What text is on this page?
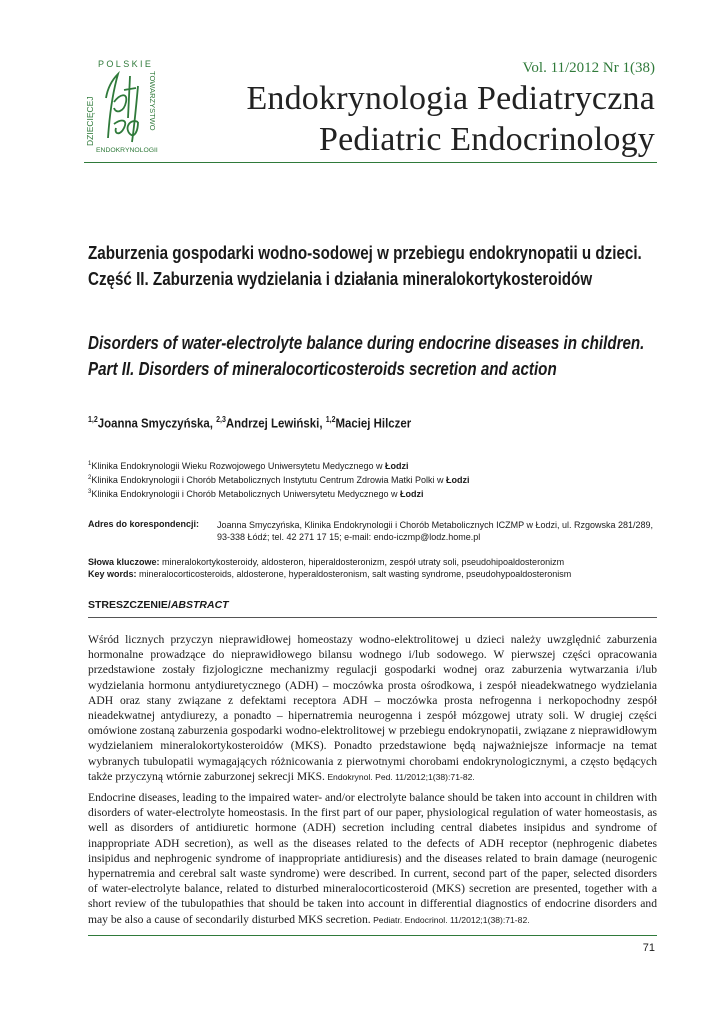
POLSKIE
DZIECIĘCEJ	TOWARZYSTWO
ENDOKRYNOLOGII
Vol. 11/2012 Nr 1(38)
Endokrynologia Pediatryczna
Pediatric Endocrinology
Zaburzenia gospodarki wodno-sodowej w przebiegu endokrynopatii u dzieci.
Część II. Zaburzenia wydzielania i działania mineralokortykosteroidów
Disorders of water-electrolyte balance during endocrine diseases in children.
Part II. Disorders of mineralocorticosteroids secretion and action
$^{1,2}$Joanna Smyczyńska, $^{2,3}$Andrzej Lewiński, $^{1,2}$Maciej Hilczer
$^1$Klinika Endokrynologii Wieku Rozwojowego Uniwersytetu Medycznego w Łodzi
$^2$Klinika Endokrynologii i Chorób Metabolicznych Instytutu Centrum Zdrowia Matki Polki w Łodzi
$^3$Klinika Endokrynologii i Chorób Metabolicznych Uniwersytetu Medycznego w Łodzi
Adres do korespondencji: Joanna Smyczyńska, Klinika Endokrynologii i Chorób Metabolicznych ICZMP w Łodzi, ul. Rzgowska 281/289,
93-338 Łódź; tel. 42 271 17 15; e-mail: endo-iczmp@lodz.home.pl
Słowa kluczowe: mineralokortykosteroidy, aldosteron, hiperaldosteronizm, zespół utraty soli, pseudohipoaldosteronizm
Key words: mineralocorticosteroids, aldosterone, hyperaldosteronism, salt wasting syndrome, pseudohypoaldosteronism
STRESZCZENIE/ABSTRACT
Wśród licznych przyczyn nieprawidłowej homeostazy wodno-elektrolitowej u dzieci należy uwzględnić zaburzenia hormonalne prowadzące do nieprawidłowego bilansu wodnego i/lub sodowego. W pierwszej części opracowania przedstawione zostały fizjologiczne mechanizmy regulacji gospodarki wodnej oraz zaburzenia wytwarzania i/lub wydzielania hormonu antydiuretycznego (ADH) – moczówka prosta ośrodkowa, i zespół nieadekwatnego wydzielania ADH oraz stany związane z defektami receptora ADH – moczówka prosta nefrogenna i nerkopochodny zespół nieadekwatnej antydiurezy, a ponadto – hipernatremia neurogenna i zespół mózgowej utraty soli. W drugiej części omówione zostaną zaburzenia gospodarki wodno-elektrolitowej w przebiegu endokrynopatii, związane z nieprawidłowym wydzielaniem mineralokortykosteroidów (MKS). Ponadto przedstawione będą najważniejsze informacje na temat wybranych tubulopatii wymagających różnicowania z pierwotnymi chorobami endokrynologicznymi, a często będących także przyczyną wtórnie zaburzonej sekrecji MKS. Endokrynol. Ped. 11/2012;1(38):71-82.
Endocrine diseases, leading to the impaired water- and/or electrolyte balance should be taken into account in children with disorders of water-electrolyte homeostasis. In the first part of our paper, physiological regulation of water homeostasis, as well as disorders of antidiuretic hormone (ADH) secretion including central diabetes insipidus and syndrome of inappropriate ADH secretion), as well as the diseases related to the defects of ADH receptor (nephrogenic diabetes insipidus and nephrogenic syndrome of inappropriate antidiuresis) and the diseases related to brain damage (neurogenic hypernatremia and cerebral salt waste syndrome) were described. In current, second part of the paper, selected disorders of water-electrolyte balance, related to disturbed mineralocorticosteroid (MKS) secretion are presented, together with a short review of the tubulopathies that should be taken into account in differential diagnostics of endocrine disorders and may be also a cause of secondarily disturbed MKS secretion. Pediatr. Endocrinol. 11/2012;1(38):71-82.
71
